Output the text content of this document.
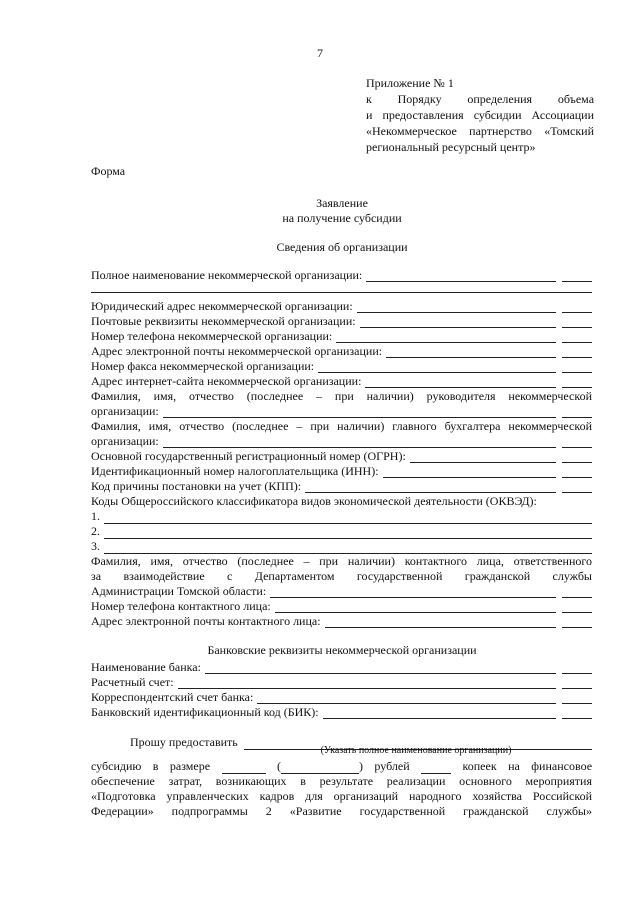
7
Приложение № 1
к Порядку определения объема
и предоставления субсидии Ассоциации
«Некоммерческое партнерство «Томский
региональный ресурсный центр»
Форма
Заявление
на получение субсидии
Сведения об организации
Полное наименование некоммерческой организации:
Юридический адрес некоммерческой организации:
Почтовые реквизиты некоммерческой организации:
Номер телефона некоммерческой организации:
Адрес электронной почты некоммерческой организации:
Номер факса некоммерческой организации:
Адрес интернет-сайта некоммерческой организации:
Фамилия, имя, отчество (последнее – при наличии) руководителя некоммерческой
организации:
Фамилия, имя, отчество (последнее – при наличии) главного бухгалтера некоммерческой
организации:
Основной государственный регистрационный номер (ОГРН):
Идентификационный номер налогоплательщика (ИНН):
Код причины постановки на учет (КПП):
Коды Общероссийского классификатора видов экономической деятельности (ОКВЭД):
1.
2.
3.
Фамилия, имя, отчество (последнее – при наличии) контактного лица, ответственного
за взаимодействие с Департаментом государственной гражданской службы
Администрации Томской области:
Номер телефона контактного лица:
Адрес электронной почты контактного лица:
Банковские реквизиты некоммерческой организации
Наименование банка:
Расчетный счет:
Корреспондентский счет банка:
Банковский идентификационный код (БИК):
Прошу предоставить
(Указать полное наименование организации)
субсидию в размере	(	) рублей	копеек на финансовое
обеспечение затрат, возникающих в результате реализации основного мероприятия
«Подготовка управленческих кадров для организаций народного хозяйства Российской
Федерации» подпрограммы 2 «Развитие государственной гражданской службы»
